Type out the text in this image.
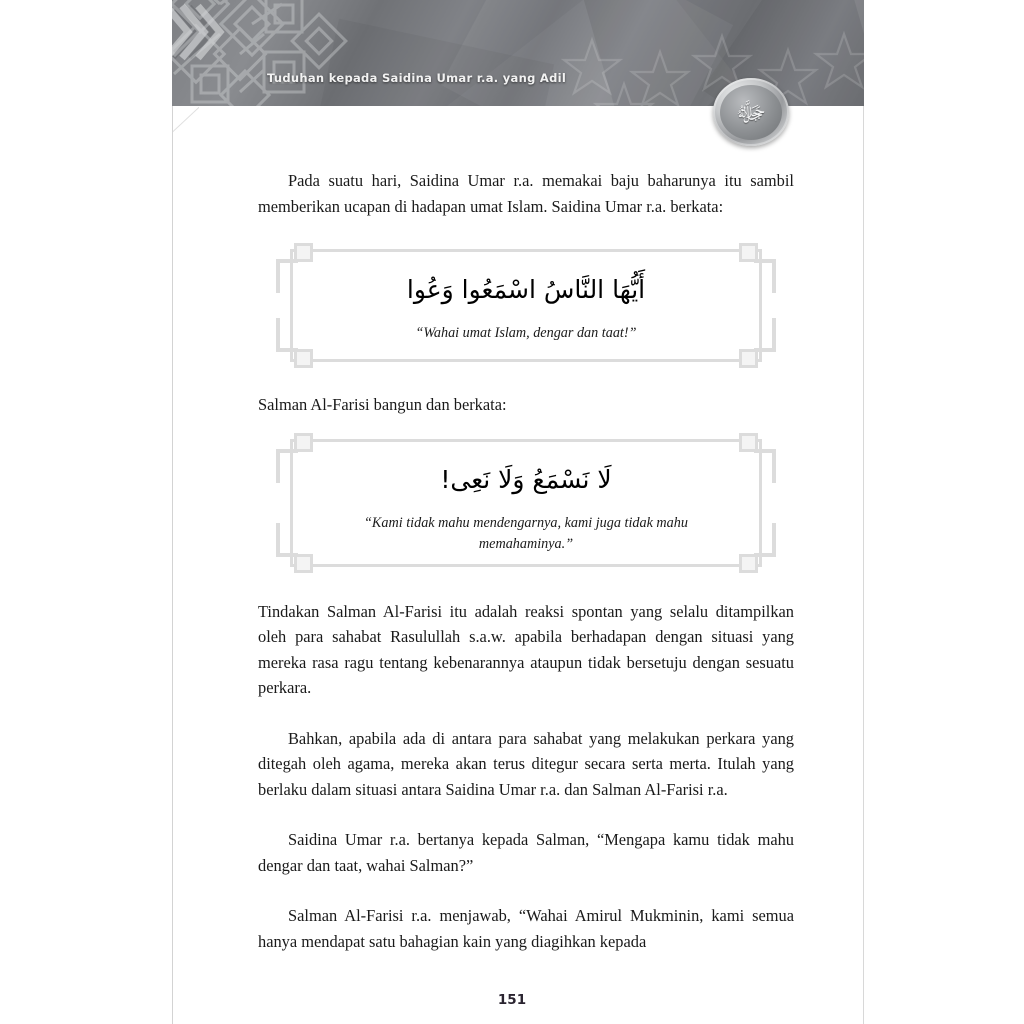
Tuduhan kepada Saidina Umar r.a. yang Adil
ﷻ

Pada suatu hari, Saidina Umar r.a. memakai baju baharunya itu sambil memberikan ucapan di hadapan umat Islam. Saidina Umar r.a. berkata:

أَيُّهَا النَّاسُ اسْمَعُوا وَعُوا
“Wahai umat Islam, dengar dan taat!”

Salman Al-Farisi bangun dan berkata:

لَا نَسْمَعُ وَلَا نَعِى!
“Kami tidak mahu mendengarnya, kami juga tidak mahu memahaminya.”

Tindakan Salman Al-Farisi itu adalah reaksi spontan yang selalu ditampilkan oleh para sahabat Rasulullah s.a.w. apabila berhadapan dengan situasi yang mereka rasa ragu tentang kebenarannya ataupun tidak bersetuju dengan sesuatu perkara.

Bahkan, apabila ada di antara para sahabat yang melakukan perkara yang ditegah oleh agama, mereka akan terus ditegur secara serta merta. Itulah yang berlaku dalam situasi antara Saidina Umar r.a. dan Salman Al-Farisi r.a.

Saidina Umar r.a. bertanya kepada Salman, “Mengapa kamu tidak mahu dengar dan taat, wahai Salman?”

Salman Al-Farisi r.a. menjawab, “Wahai Amirul Mukminin, kami semua hanya mendapat satu bahagian kain yang diagihkan kepada

151
